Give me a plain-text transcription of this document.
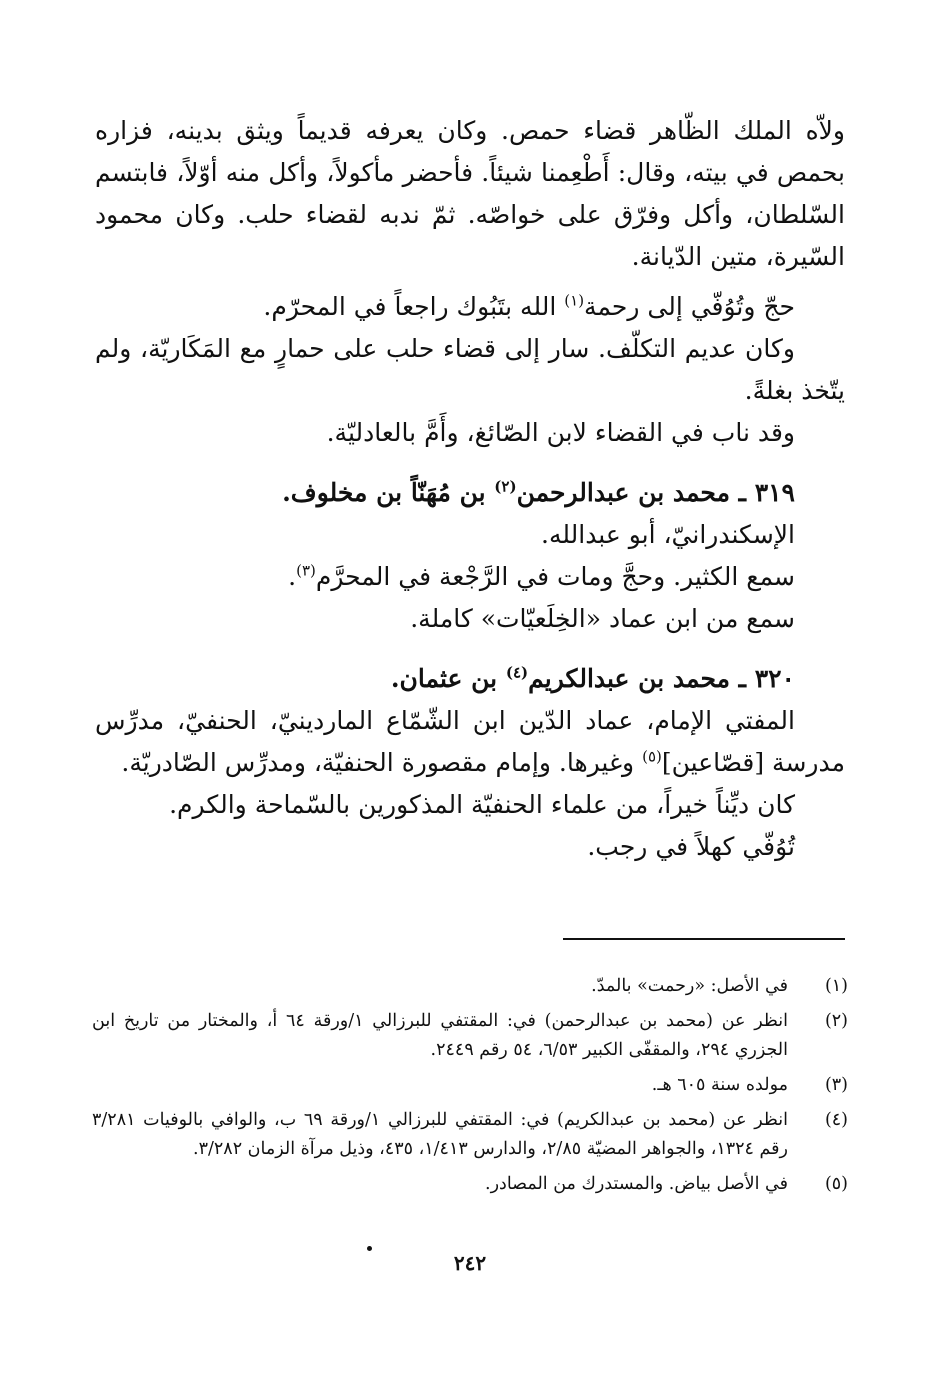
ولاّه الملك الظّاهر قضاء حمص. وكان يعرفه قديماً ويثق بدينه، فزاره بحمص في بيته، وقال: أَطْعِمنا شيئاً. فأحضر مأكولاً، وأكل منه أوّلاً، فابتسم السّلطان، وأكل وفرّق على خواصّه. ثمّ ندبه لقضاء حلب. وكان محمود السّيرة، متين الدّيانة.

حجّ وتُوُفّي إلى رحمة$^{(١)}$ الله بتَبُوك راجعاً في المحرّم.

وكان عديم التكلّف. سار إلى قضاء حلب على حمارٍ مع المَكَاريّة، ولم يتّخذ بغلةً.

وقد ناب في القضاء لابن الصّائغ، وأَمَّ بالعادليّة.

٣١٩ ـ محمد بن عبدالرحمن$^{(٢)}$ بن مُهَنّاً بن مخلوف.

الإسكندرانيّ، أبو عبدالله.

سمع الكثير. وحجَّ ومات في الرَّجْعة في المحرَّم$^{(٣)}$.

سمع من ابن عماد «الخِلَعيّات» كاملة.

٣٢٠ ـ محمد بن عبدالكريم$^{(٤)}$ بن عثمان.

المفتي الإمام، عماد الدّين ابن الشّمّاع الماردينيّ، الحنفيّ، مدرِّس مدرسة [قصّاعين]$^{(٥)}$ وغيرها. وإمام مقصورة الحنفيّة، ومدرِّس الصّادريّة.

كان ديِّناً خيراً، من علماء الحنفيّة المذكورين بالسّماحة والكرم.

تُوُفّي كهلاً في رجب.

(١)
في الأصل: «رحمت» بالمدّ.
(٢)
انظر عن (محمد بن عبدالرحمن) في: المقتفي للبرزالي ١/ورقة ٦٤ أ، والمختار من تاريخ ابن الجزري ٢٩٤، والمقفّى الكبير ٦/٥٣، ٥٤ رقم ٢٤٤٩.
(٣)
مولده سنة ٦٠٥ هـ.
(٤)
انظر عن (محمد بن عبدالكريم) في: المقتفي للبرزالي ١/ورقة ٦٩ ب، والوافي بالوفيات ٣/٢٨١ رقم ١٣٢٤، والجواهر المضيّة ٢/٨٥، والدارس ١/٤١٣، ٤٣٥، وذيل مرآة الزمان ٣/٢٨٢.
(٥)
في الأصل بياض. والمستدرك من المصادر.
٢٤٢
